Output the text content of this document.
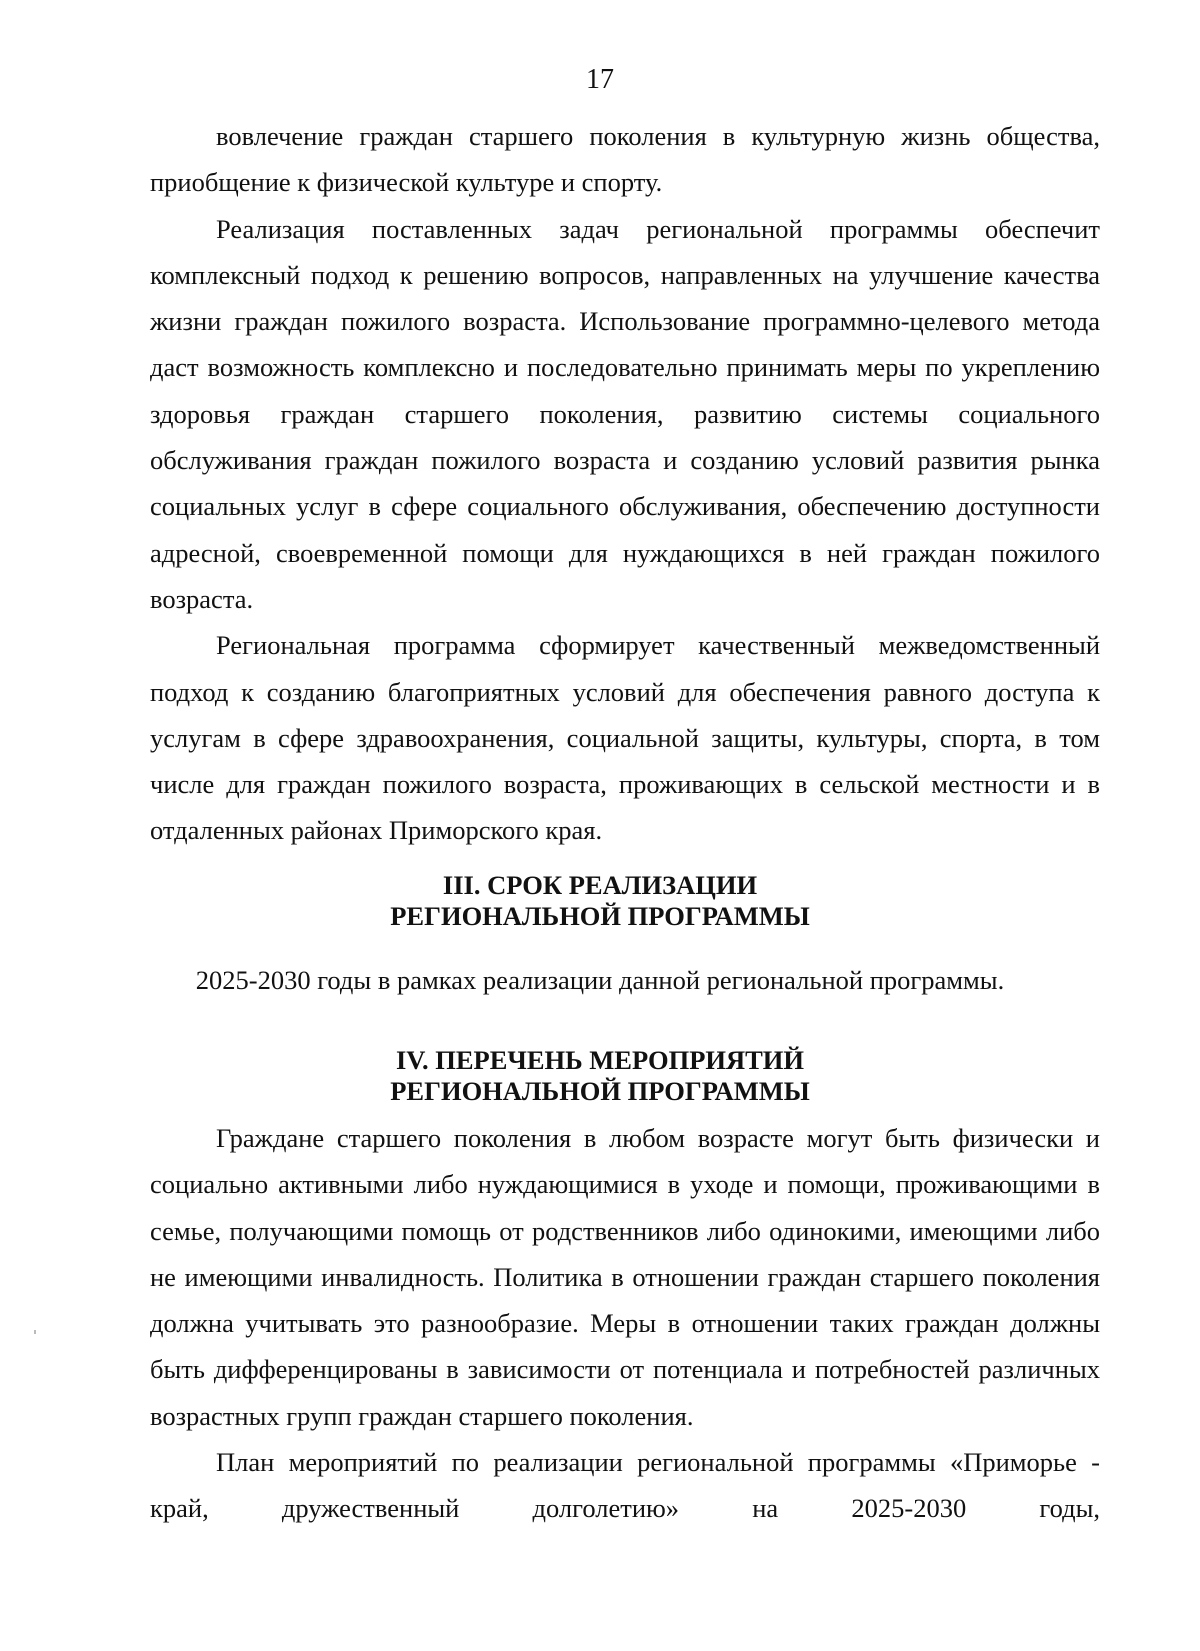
17

вовлечение граждан старшего поколения в культурную жизнь общества, приобщение к физической культуре и спорту.

Реализация поставленных задач региональной программы обеспечит комплексный подход к решению вопросов, направленных на улучшение качества жизни граждан пожилого возраста. Использование программно-целевого метода даст возможность комплексно и последовательно принимать меры по укреплению здоровья граждан старшего поколения, развитию системы социального обслуживания граждан пожилого возраста и созданию условий развития рынка социальных услуг в сфере социального обслуживания, обеспечению доступности адресной, своевременной помощи для нуждающихся в ней граждан пожилого возраста.

Региональная программа сформирует качественный межведомственный подход к созданию благоприятных условий для обеспечения равного доступа к услугам в сфере здравоохранения, социальной защиты, культуры, спорта, в том числе для граждан пожилого возраста, проживающих в сельской местности и в отдаленных районах Приморского края.

III. СРОК РЕАЛИЗАЦИИ
РЕГИОНАЛЬНОЙ ПРОГРАММЫ
2025-2030 годы в рамках реализации данной региональной программы.
IV. ПЕРЕЧЕНЬ МЕРОПРИЯТИЙ
РЕГИОНАЛЬНОЙ ПРОГРАММЫ

Граждане старшего поколения в любом возрасте могут быть физически и социально активными либо нуждающимися в уходе и помощи, проживающими в семье, получающими помощь от родственников либо одинокими, имеющими либо не имеющими инвалидность. Политика в отношении граждан старшего поколения должна учитывать это разнообразие. Меры в отношении таких граждан должны быть дифференцированы в зависимости от потенциала и потребностей различных возрастных групп граждан старшего поколения.

План мероприятий по реализации региональной программы «Приморье - край, дружественный долголетию» на 2025-2030 годы,
